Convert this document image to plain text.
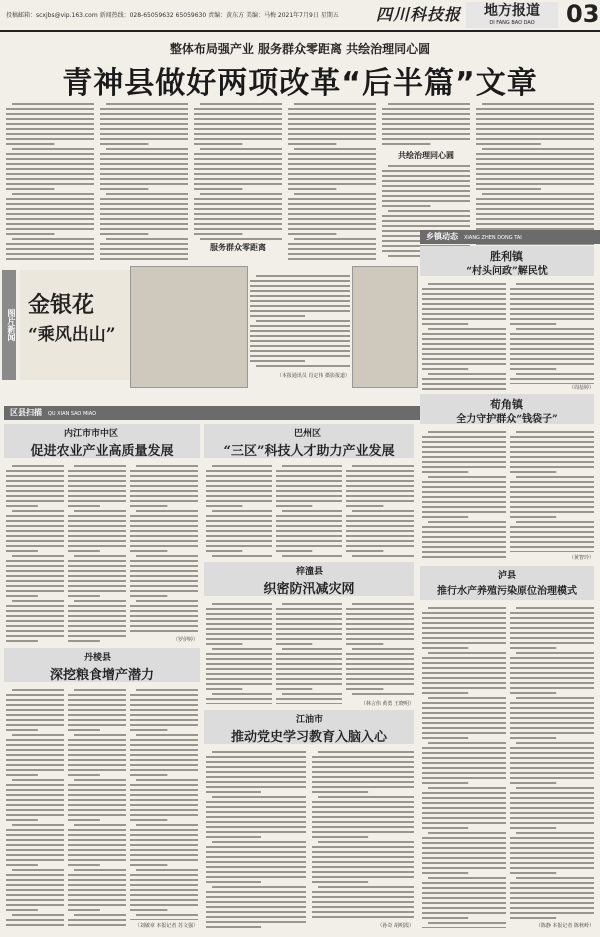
投稿邮箱：scxjbs@vip.163.com 新闻热线：028-65059632 65059630 责编：黄东方 美编：马梅 2021年7月9日 星期五 四川科技报	地方报道
DI FANG BAO DAO	03
整体布局强产业 服务群众零距离 共绘治理同心圆
青神县做好两项改革“后半篇”文章
服务群众零距离
共绘治理同心圆
图片新闻
金银花
“乘风出山”
（本报通讯员 肖定伟 摄影报道）
乡镇动态 XIANG ZHEN DONG TAI
胜利镇
“村头问政”解民忧
（周蓓婷）
荀角镇
全力守护群众“钱袋子”
（黄智玲）
区县扫描 QU XIAN SAO MIAO
内江市市中区
促进农业产业高质量发展
（罗伊婷）
巴州区
“三区”科技人才助力产业发展
梓潼县
织密防汛减灾网
（林言伟 黄勇 王晓明）
丹棱县
深挖粮食增产潜力
（刘敏章 本报记者 苏文强）
江油市
推动党史学习教育入脑入心
（孙奇 胡明霞）
泸县
推行水产养殖污染原位治理模式
（陈静 本报记者 陈秋岭）
